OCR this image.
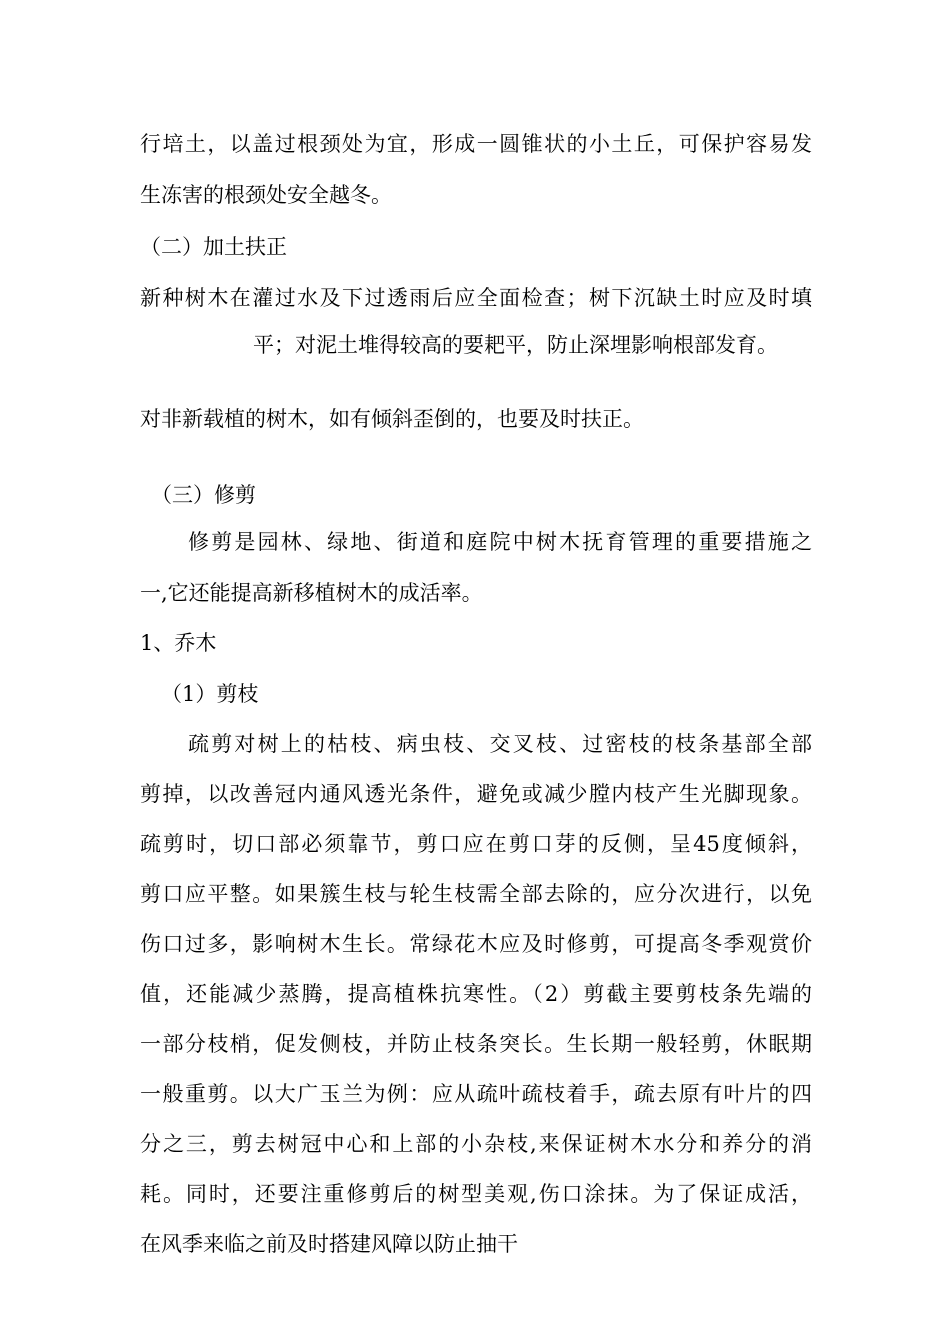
行培土，以盖过根颈处为宜，形成一圆锥状的小土丘，可保护容易发
生冻害的根颈处安全越冬。
（二）加土扶正
新种树木在灌过水及下过透雨后应全面检查；树下沉缺土时应及时填
平；对泥土堆得较高的要耙平，防止深埋影响根部发育。
对非新载植的树木，如有倾斜歪倒的，也要及时扶正。
（三）修剪
修剪是园林、绿地、街道和庭院中树木抚育管理的重要措施之
一,它还能提高新移植树木的成活率。
1、乔木
（1）剪枝
疏剪对树上的枯枝、病虫枝、交叉枝、过密枝的枝条基部全部
剪掉，以改善冠内通风透光条件，避免或减少膛内枝产生光脚现象。
疏剪时，切口部必须靠节，剪口应在剪口芽的反侧，呈45度倾斜，
剪口应平整。如果簇生枝与轮生枝需全部去除的，应分次进行，以免
伤口过多，影响树木生长。常绿花木应及时修剪，可提高冬季观赏价
值，还能减少蒸腾，提高植株抗寒性。（2）剪截主要剪枝条先端的
一部分枝梢，促发侧枝，并防止枝条突长。生长期一般轻剪，休眠期
一般重剪。以大广玉兰为例：应从疏叶疏枝着手，疏去原有叶片的四
分之三，剪去树冠中心和上部的小杂枝,来保证树木水分和养分的消
耗。同时，还要注重修剪后的树型美观,伤口涂抹。为了保证成活，
在风季来临之前及时搭建风障以防止抽干
